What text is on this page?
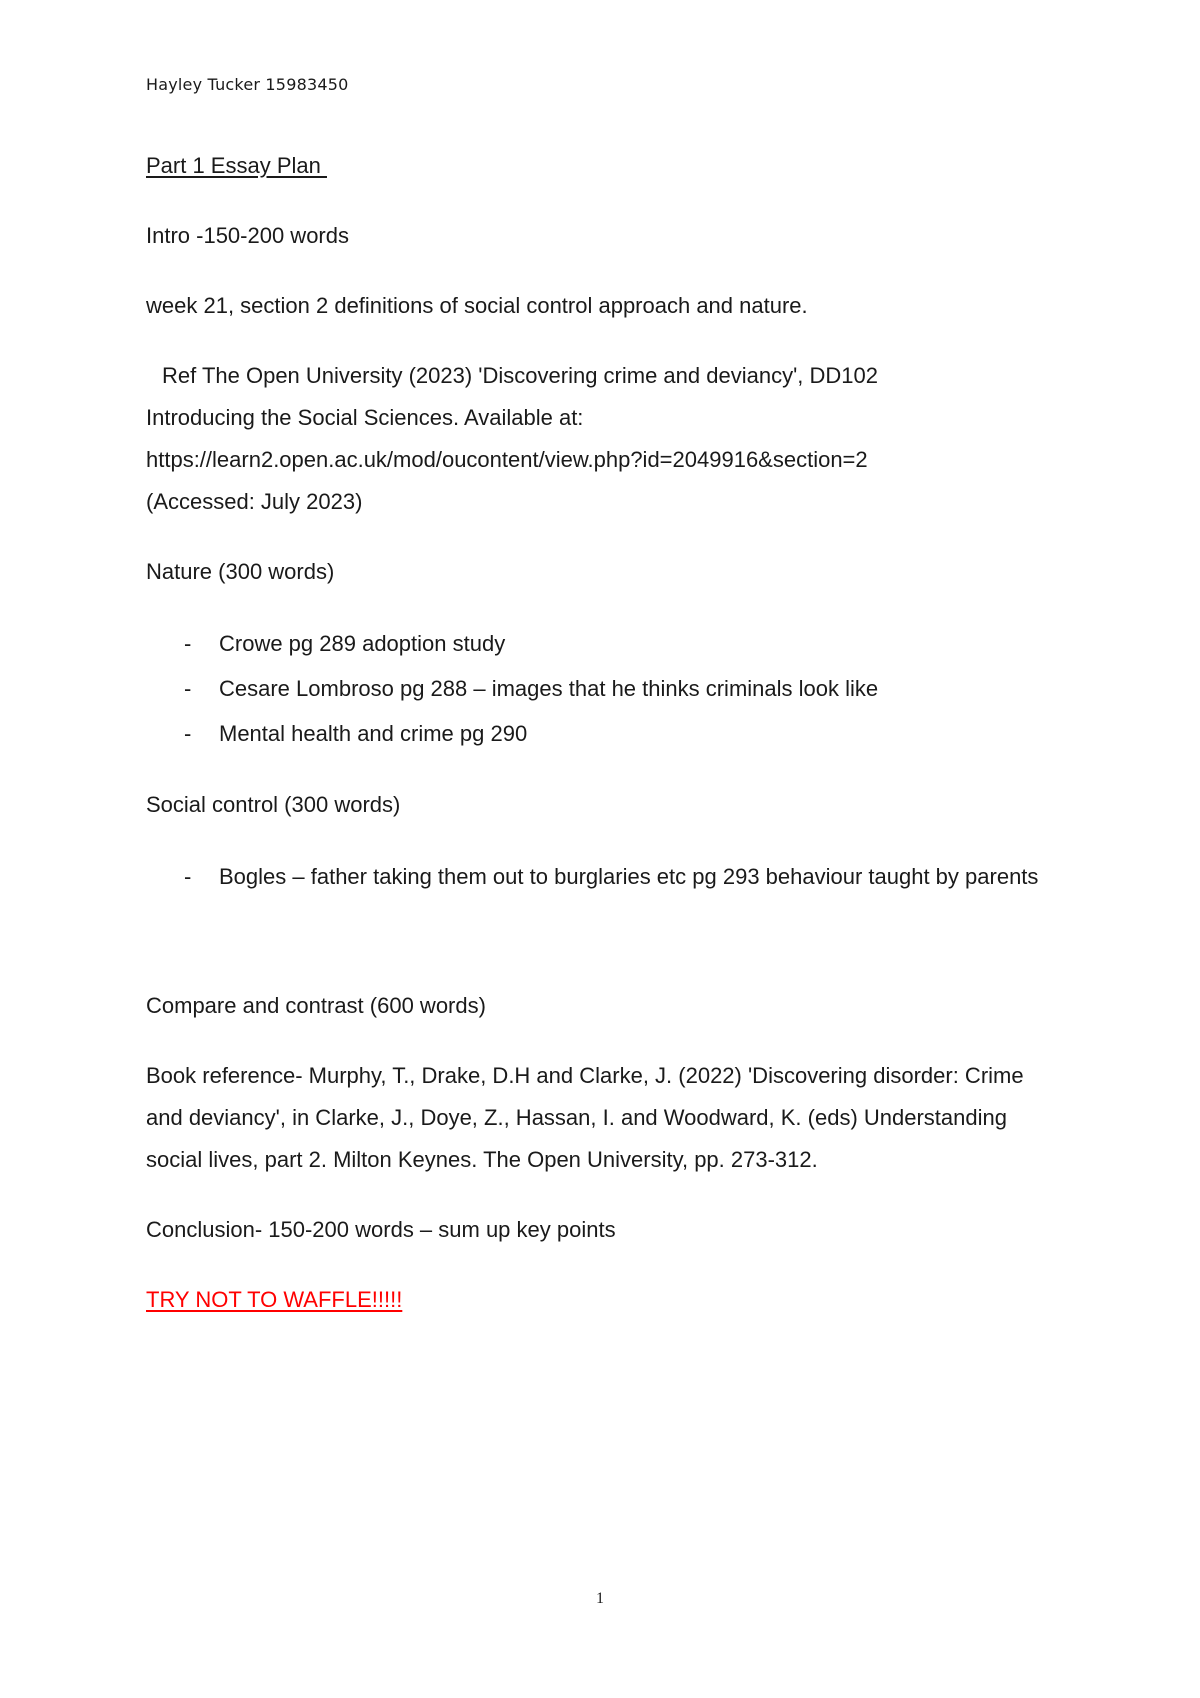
Hayley Tucker 15983450

Part 1 Essay Plan

Intro -150-200 words

week 21, section 2 definitions of social control approach and nature.

Ref The Open University (2023) 'Discovering crime and deviancy', DD102
Introducing the Social Sciences. Available at:
https://learn2.open.ac.uk/mod/oucontent/view.php?id=2049916&section=2
(Accessed: July 2023)

Nature (300 words)

- Crowe pg 289 adoption study
- Cesare Lombroso pg 288 – images that he thinks criminals look like
- Mental health and crime pg 290

Social control (300 words)

- Bogles – father taking them out to burglaries etc pg 293 behaviour taught by parents

Compare and contrast (600 words)

Book reference- Murphy, T., Drake, D.H and Clarke, J. (2022) 'Discovering disorder: Crime and deviancy', in Clarke, J., Doye, Z., Hassan, I. and Woodward, K. (eds) Understanding social lives, part 2. Milton Keynes. The Open University, pp. 273-312.

Conclusion- 150-200 words – sum up key points

TRY NOT TO WAFFLE!!!!!

1
